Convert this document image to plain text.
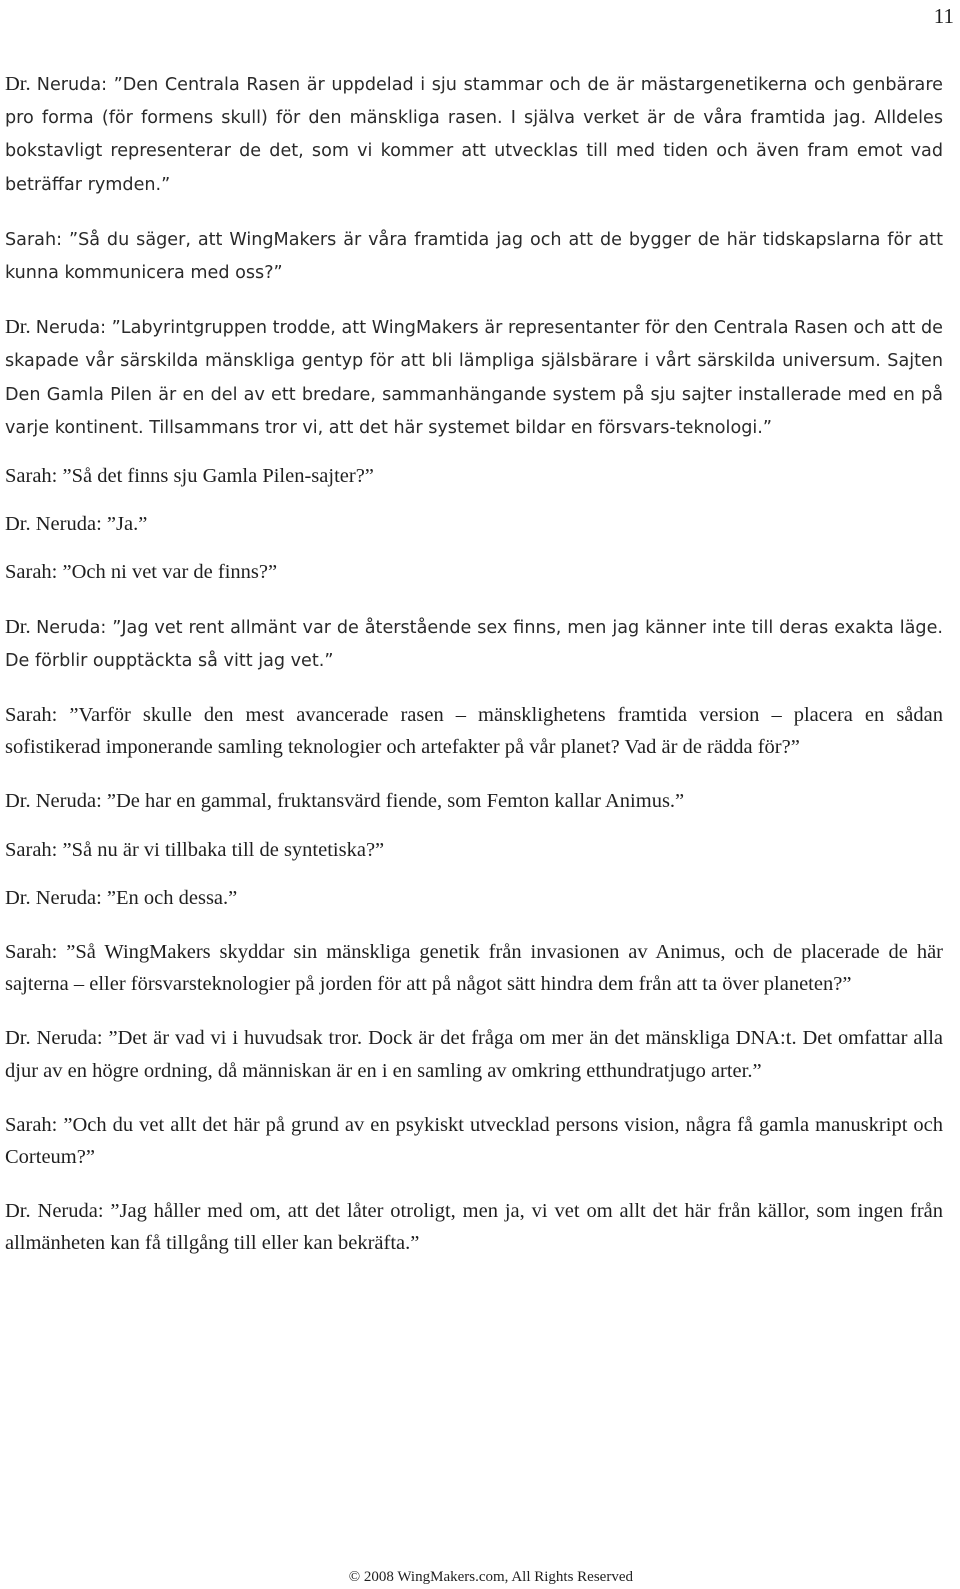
11

Dr. Neruda: ”Den Centrala Rasen är uppdelad i sju stammar och de är mästargenetikerna och genbärare pro forma (för formens skull) för den mänskliga rasen. I själva verket är de våra framtida jag. Alldeles bokstavligt representerar de det, som vi kommer att utvecklas till med tiden och även fram emot vad beträffar rymden.”

Sarah: ”Så du säger, att WingMakers är våra framtida jag och att de bygger de här tidskapslarna för att kunna kommunicera med oss?”

Dr. Neruda: ”Labyrintgruppen trodde, att WingMakers är representanter för den Centrala Rasen och att de skapade vår särskilda mänskliga gentyp för att bli lämpliga själsbärare i vårt särskilda universum. Sajten Den Gamla Pilen är en del av ett bredare, sammanhängande system på sju sajter installerade med en på varje kontinent. Tillsammans tror vi, att det här systemet bildar en försvars-teknologi.”

Sarah: ”Så det finns sju Gamla Pilen-sajter?”

Dr. Neruda: ”Ja.”

Sarah: ”Och ni vet var de finns?”

Dr. Neruda: ”Jag vet rent allmänt var de återstående sex finns, men jag känner inte till deras exakta läge. De förblir oupptäckta så vitt jag vet.”

Sarah: ”Varför skulle den mest avancerade rasen – mänsklighetens framtida version – placera en sådan sofistikerad imponerande samling teknologier och artefakter på vår planet? Vad är de rädda för?”

Dr. Neruda: ”De har en gammal, fruktansvärd fiende, som Femton kallar Animus.”

Sarah: ”Så nu är vi tillbaka till de syntetiska?”

Dr. Neruda: ”En och dessa.”

Sarah: ”Så WingMakers skyddar sin mänskliga genetik från invasionen av Animus, och de placerade de här sajterna – eller försvarsteknologier på jorden för att på något sätt hindra dem från att ta över planeten?”

Dr. Neruda: ”Det är vad vi i huvudsak tror. Dock är det fråga om mer än det mänskliga DNA:t. Det omfattar alla djur av en högre ordning, då människan är en i en samling av omkring etthundratjugo arter.”

Sarah: ”Och du vet allt det här på grund av en psykiskt utvecklad persons vision, några få gamla manuskript och Corteum?”

Dr. Neruda: ”Jag håller med om, att det låter otroligt, men ja, vi vet om allt det här från källor, som ingen från allmänheten kan få tillgång till eller kan bekräfta.”

© 2008 WingMakers.com, All Rights Reserved
